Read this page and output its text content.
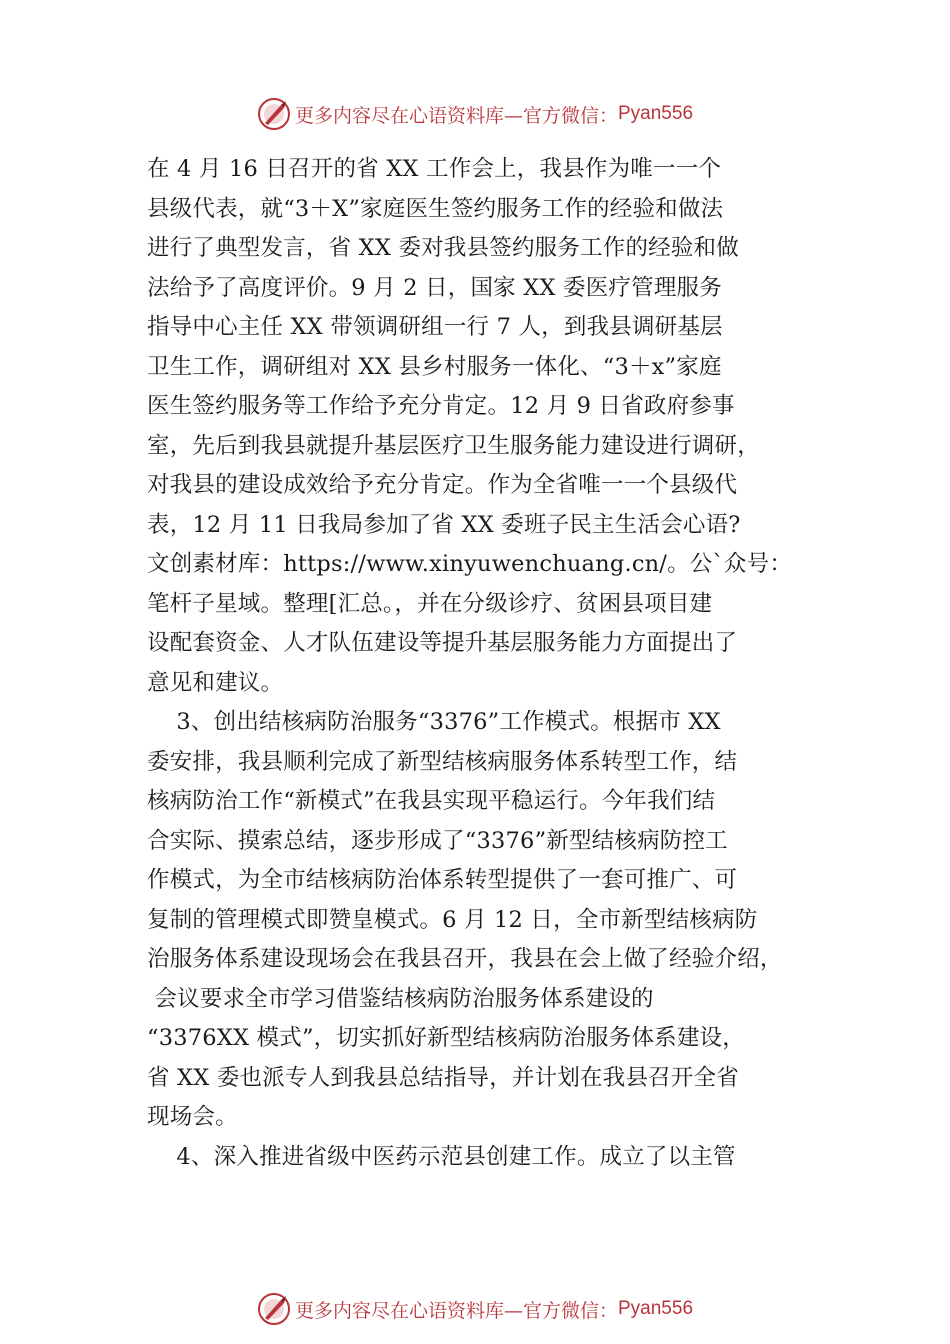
更多内容尽在心语资料库—官方微信： Pyan556
在 4 月 16 日召开的省 XX 工作会上，我县作为唯一一个
县级代表，就“3＋X”家庭医生签约服务工作的经验和做法
进行了典型发言，省 XX 委对我县签约服务工作的经验和做
法给予了高度评价。9 月 2 日，国家 XX 委医疗管理服务
指导中心主任 XX 带领调研组一行 7 人，到我县调研基层
卫生工作，调研组对 XX 县乡村服务一体化、“3＋x”家庭
医生签约服务等工作给予充分肯定。12 月 9 日省政府参事
室，先后到我县就提升基层医疗卫生服务能力建设进行调研，
对我县的建设成效给予充分肯定。作为全省唯一一个县级代
表，12 月 11 日我局参加了省 XX 委班子民主生活会心语?
文创素材库：https://www.xinyuwenchuang.cn/。公`众号：
笔杆子星域。整理[汇总。，并在分级诊疗、贫困县项目建
设配套资金、人才队伍建设等提升基层服务能力方面提出了
意见和建议。
3、创出结核病防治服务“3376”工作模式。根据市 XX
委安排，我县顺利完成了新型结核病服务体系转型工作，结
核病防治工作“新模式”在我县实现平稳运行。今年我们结
合实际、摸索总结，逐步形成了“3376”新型结核病防控工
作模式，为全市结核病防治体系转型提供了一套可推广、可
复制的管理模式即赞皇模式。6 月 12 日，全市新型结核病防
治服务体系建设现场会在我县召开，我县在会上做了经验介绍，
会议要求全市学习借鉴结核病防治服务体系建设的
“3376XX 模式”，切实抓好新型结核病防治服务体系建设，
省 XX 委也派专人到我县总结指导，并计划在我县召开全省
现场会。
4、深入推进省级中医药示范县创建工作。成立了以主管
更多内容尽在心语资料库—官方微信： Pyan556
